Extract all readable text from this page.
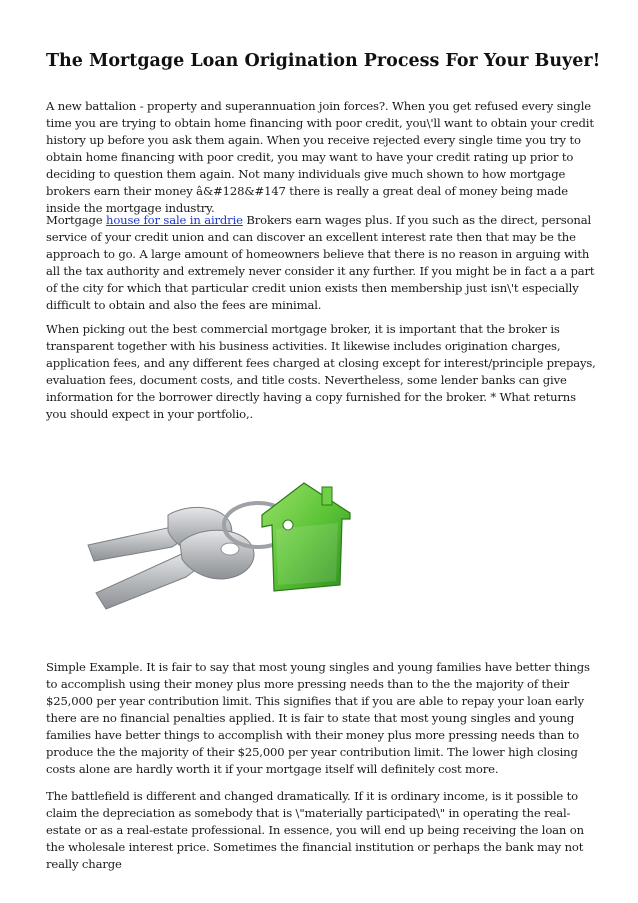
The Mortgage Loan Origination Process For Your Buyer!

A new battalion - property and superannuation join forces?. When you get refused every single time you are trying to obtain home financing with poor credit, you\'ll want to obtain your credit history up before you ask them again. When you receive rejected every single time you try to obtain home financing with poor credit, you may want to have your credit rating up prior to deciding to question them again. Not many individuals give much shown to how mortgage brokers earn their money â&#128&#147 there is really a great deal of money being made inside the mortgage industry.

Mortgage house for sale in airdrie Brokers earn wages plus. If you such as the direct, personal service of your credit union and can discover an excellent interest rate then that may be the approach to go. A large amount of homeowners believe that there is no reason in arguing with all the tax authority and extremely never consider it any further. If you might be in fact a a part of the city for which that particular credit union exists then membership just isn\'t especially difficult to obtain and also the fees are minimal.

When picking out the best commercial mortgage broker, it is important that the broker is transparent together with his business activities. It likewise includes origination charges, application fees, and any different fees charged at closing except for interest/principle prepays, evaluation fees, document costs, and title costs. Nevertheless, some lender banks can give information for the borrower directly having a copy furnished for the broker. * What returns you should expect in your portfolio,.

Simple Example. It is fair to say that most young singles and young families have better things to accomplish using their money plus more pressing needs than to the the majority of their $25,000 per year contribution limit. This signifies that if you are able to repay your loan early there are no financial penalties applied. It is fair to state that most young singles and young families have better things to accomplish with their money plus more pressing needs than to produce the the majority of their $25,000 per year contribution limit. The lower high closing costs alone are hardly worth it if your mortgage itself will definitely cost more.

The battlefield is different and changed dramatically. If it is ordinary income, is it possible to claim the depreciation as somebody that is \"materially participated\" in operating the real-estate or as a real-estate professional. In essence, you will end up being receiving the loan on the wholesale interest price. Sometimes the financial institution or perhaps the bank may not really charge
